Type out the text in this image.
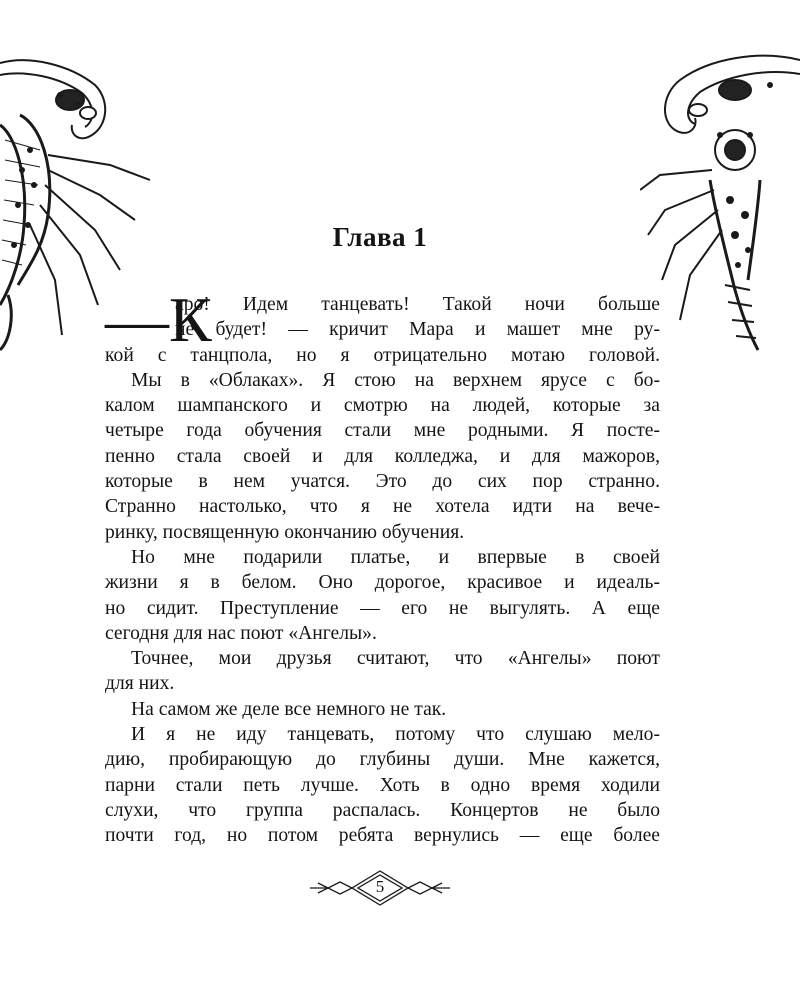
Глава 1
—К
аро! Идем танцевать! Такой ночи больше
не будет! — кричит Мара и машет мне ру-
кой с танцпола, но я отрицательно мотаю головой.
Мы в «Облаках». Я стою на верхнем ярусе с бо-
калом шампанского и смотрю на людей, которые за
четыре года обучения стали мне родными. Я посте-
пенно стала своей и для колледжа, и для мажоров,
которые в нем учатся. Это до сих пор странно.
Странно настолько, что я не хотела идти на вече-
ринку, посвященную окончанию обучения.
Но мне подарили платье, и впервые в своей
жизни я в белом. Оно дорогое, красивое и идеаль-
но сидит. Преступление — его не выгулять. А еще
сегодня для нас поют «Ангелы».
Точнее, мои друзья считают, что «Ангелы» поют
для них.
На самом же деле все немного не так.
И я не иду танцевать, потому что слушаю мело-
дию, пробирающую до глубины души. Мне кажется,
парни стали петь лучше. Хоть в одно время ходили
слухи, что группа распалась. Концертов не было
почти год, но потом ребята вернулись — еще более
5
